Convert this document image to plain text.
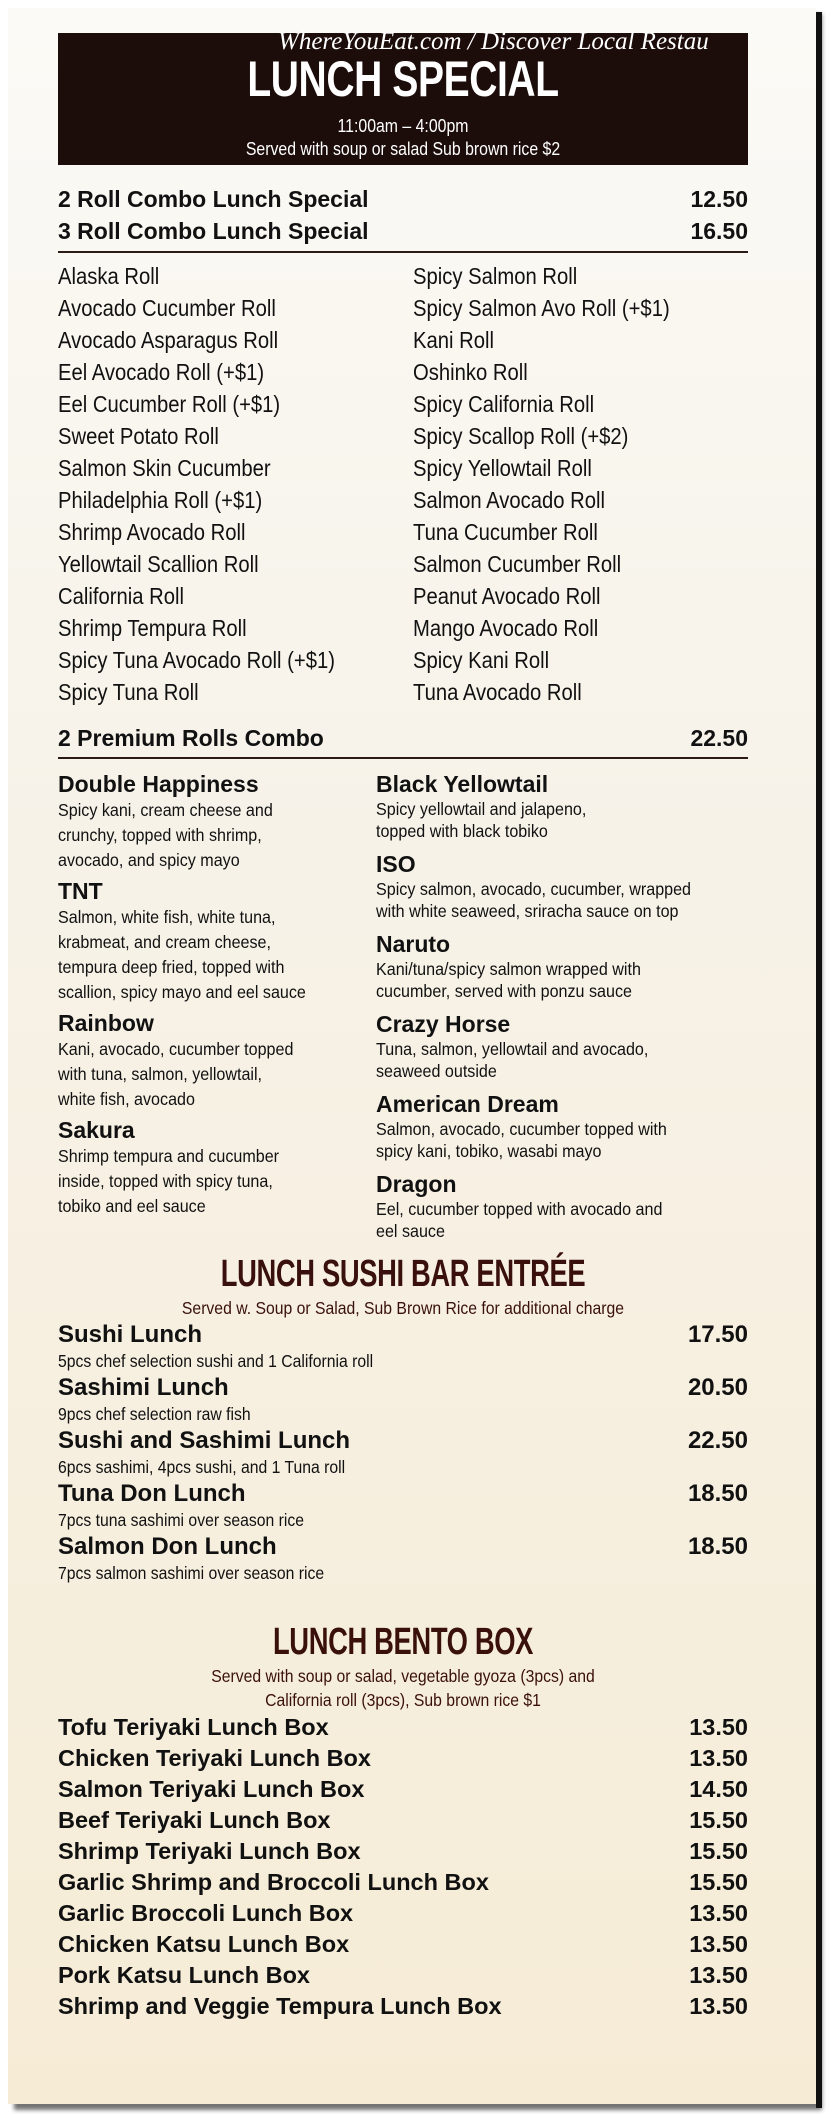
LUNCH SPECIAL
11:00am – 4:00pm
Served with soup or salad Sub brown rice $2
WhereYouEat.com / Discover Local Restau
2 Roll Combo Lunch Special	12.50
3 Roll Combo Lunch Special	16.50
Alaska Roll
Avocado Cucumber Roll
Avocado Asparagus Roll
Eel Avocado Roll (+$1)
Eel Cucumber Roll (+$1)
Sweet Potato Roll
Salmon Skin Cucumber
Philadelphia Roll (+$1)
Shrimp Avocado Roll
Yellowtail Scallion Roll
California Roll
Shrimp Tempura Roll
Spicy Tuna Avocado Roll (+$1)
Spicy Tuna Roll
Spicy Salmon Roll
Spicy Salmon Avo Roll (+$1)
Kani Roll
Oshinko Roll
Spicy California Roll
Spicy Scallop Roll (+$2)
Spicy Yellowtail Roll
Salmon Avocado Roll
Tuna Cucumber Roll
Salmon Cucumber Roll
Peanut Avocado Roll
Mango Avocado Roll
Spicy Kani Roll
Tuna Avocado Roll
2 Premium Rolls Combo	22.50
Double Happiness
Spicy kani, cream cheese and
crunchy, topped with shrimp,
avocado, and spicy mayo
TNT
Salmon, white fish, white tuna,
krabmeat, and cream cheese,
tempura deep fried, topped with
scallion, spicy mayo and eel sauce
Rainbow
Kani, avocado, cucumber topped
with tuna, salmon, yellowtail,
white fish, avocado
Sakura
Shrimp tempura and cucumber
inside, topped with spicy tuna,
tobiko and eel sauce
Black Yellowtail
Spicy yellowtail and jalapeno,
topped with black tobiko
ISO
Spicy salmon, avocado, cucumber, wrapped
with white seaweed, sriracha sauce on top
Naruto
Kani/tuna/spicy salmon wrapped with
cucumber, served with ponzu sauce
Crazy Horse
Tuna, salmon, yellowtail and avocado,
seaweed outside
American Dream
Salmon, avocado, cucumber topped with
spicy kani, tobiko, wasabi mayo
Dragon
Eel, cucumber topped with avocado and
eel sauce
LUNCH SUSHI BAR ENTRÉE
Served w. Soup or Salad, Sub Brown Rice for additional charge
Sushi Lunch	17.50
5pcs chef selection sushi and 1 California roll
Sashimi Lunch	20.50
9pcs chef selection raw fish
Sushi and Sashimi Lunch	22.50
6pcs sashimi, 4pcs sushi, and 1 Tuna roll
Tuna Don Lunch	18.50
7pcs tuna sashimi over season rice
Salmon Don Lunch	18.50
7pcs salmon sashimi over season rice
LUNCH BENTO BOX
Served with soup or salad, vegetable gyoza (3pcs) and
California roll (3pcs), Sub brown rice $1
Tofu Teriyaki Lunch Box	13.50
Chicken Teriyaki Lunch Box	13.50
Salmon Teriyaki Lunch Box	14.50
Beef Teriyaki Lunch Box	15.50
Shrimp Teriyaki Lunch Box	15.50
Garlic Shrimp and Broccoli Lunch Box	15.50
Garlic Broccoli Lunch Box	13.50
Chicken Katsu Lunch Box	13.50
Pork Katsu Lunch Box	13.50
Shrimp and Veggie Tempura Lunch Box	13.50
